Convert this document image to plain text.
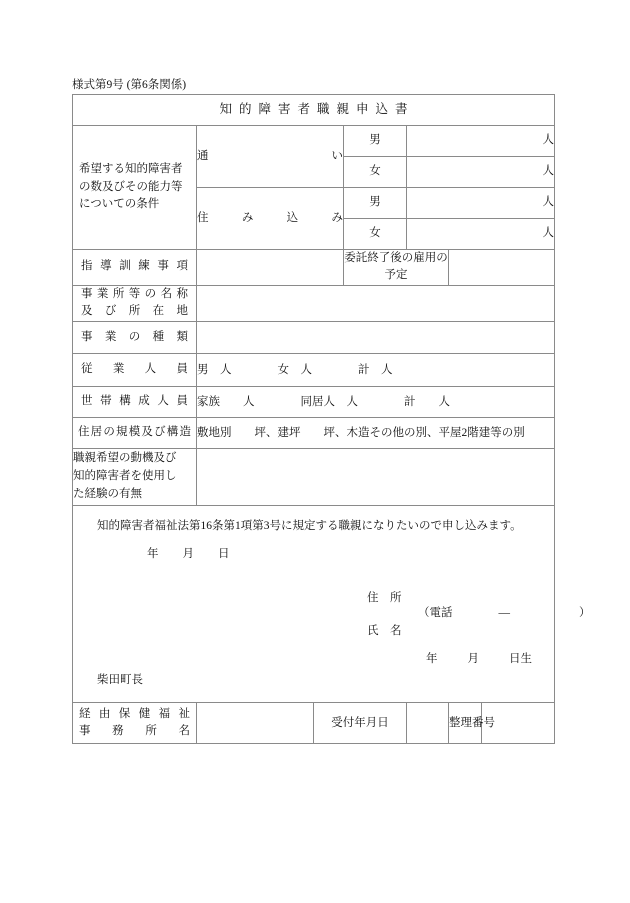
様式第9号 (第6条関係)
知的障害者職親申込書						

希望する知的障害者
の数及びその能力等
についての条件	通い		男	人		
			女	人		

	住み込み		男	人		
			女	人		

指導訓練事項			委託終了後の雇用の予定			

事業所等の名称
及び所在地						

事業の種類						

従業人員	男　人　　　　女　人　　　　計　人					

世帯構成人員	家族　　人　　　　同居人　人　　　　計　　人					

住居の規模及び構造	敷地別　　坪、建坪　　坪、木造その他の別、平屋2階建等の別					

職親希望の動機及び
知的障害者を使用し
た経験の有無						

知的障害者福祉法第16条第1項第3号に規定する職親になりたいので申し込みます。
年 月 日
住　所
（電話　　　　―　　　　　　）
氏　名
年	月	日生
柴田町長

経由保健福祉
事務所名		受付年月日			整理番号	
